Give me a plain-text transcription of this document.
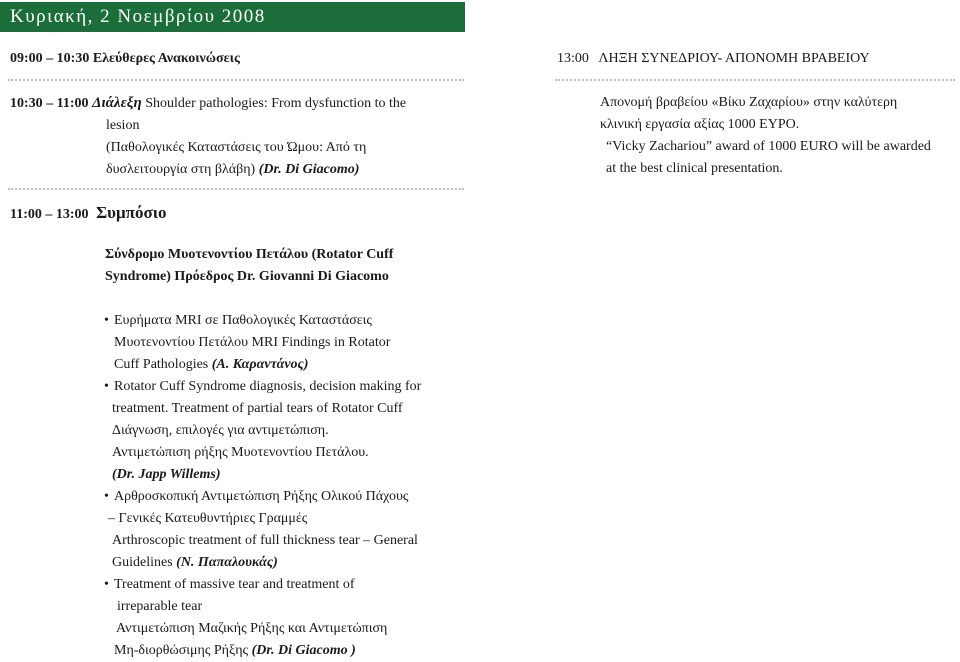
Κυριακή, 2 Νοεμβρίου 2008
09:00 – 10:30 Ελεύθερες Ανακοινώσεις
10:30 – 11:00 Διάλεξη Shoulder pathologies: From dysfunction to the
lesion
(Παθολογικές Καταστάσεις του Ώμου: Από τη
δυσλειτουργία στη βλάβη) (Dr. Di Giacomo)
13:00 ΛΗΞΗ ΣΥΝΕΔΡΙΟΥ- ΑΠΟΝΟΜΗ ΒΡΑΒΕΙΟΥ
Απονομή βραβείου «Βίκυ Ζαχαρίου» στην καλύτερη
κλινική εργασία αξίας 1000 ΕΥΡΟ.
“Vicky Zachariou” award of 1000 EURO will be awarded
at the best clinical presentation.
11:00 – 13:00 Συμπόσιο
Σύνδρομο Μυοτενοντίου Πετάλου (Rotator Cuff
Syndrome) Πρόεδρος Dr. Giovanni Di Giacomo
• Ευρήματα MRI σε Παθολογικές Καταστάσεις
Μυοτενοντίου Πετάλου MRI Findings in Rotator
Cuff Pathologies (Α. Καραντάνος)
• Rotator Cuff Syndrome diagnosis, decision making for
treatment. Treatment of partial tears of Rotator Cuff
Διάγνωση, επιλογές για αντιμετώπιση.
Αντιμετώπιση ρήξης Μυοτενοντίου Πετάλου.
(Dr. Japp Willems)
• Αρθροσκοπική Αντιμετώπιση Ρήξης Ολικού Πάχους
– Γενικές Κατευθυντήριες Γραμμές
Arthroscopic treatment of full thickness tear – General
Guidelines (Ν. Παπαλουκάς)
• Treatment of massive tear and treatment of
irreparable tear
Αντιμετώπιση Μαζικής Ρήξης και Αντιμετώπιση
Μη-διορθώσιμης Ρήξης (Dr. Di Giacomo )
